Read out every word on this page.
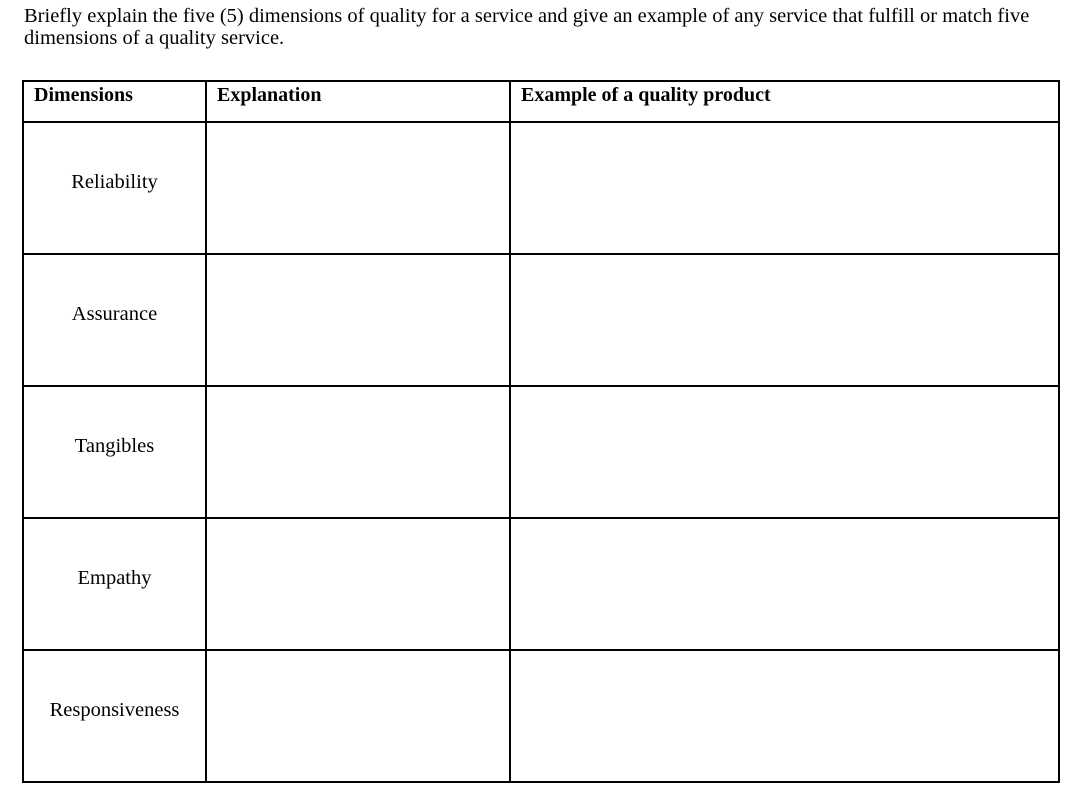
Briefly explain the five (5) dimensions of quality for a service and give an example of any service that fulfill or match five dimensions of a quality service.

Dimensions	Explanation	Example of a quality product
Reliability		
Assurance		
Tangibles		
Empathy		
Responsiveness		
